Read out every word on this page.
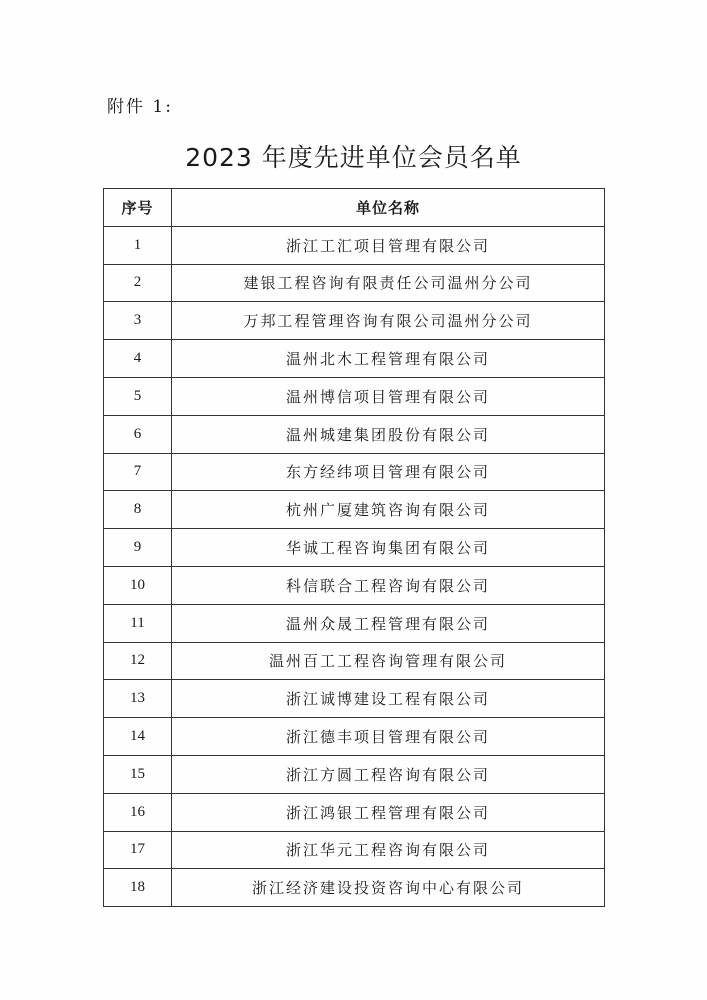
附件 1:
2023 年度先进单位会员名单
序号	单位名称
1	浙江工汇项目管理有限公司
2	建银工程咨询有限责任公司温州分公司
3	万邦工程管理咨询有限公司温州分公司
4	温州北木工程管理有限公司
5	温州博信项目管理有限公司
6	温州城建集团股份有限公司
7	东方经纬项目管理有限公司
8	杭州广厦建筑咨询有限公司
9	华诚工程咨询集团有限公司
10	科信联合工程咨询有限公司
11	温州众晟工程管理有限公司
12	温州百工工程咨询管理有限公司
13	浙江诚博建设工程有限公司
14	浙江德丰项目管理有限公司
15	浙江方圆工程咨询有限公司
16	浙江鸿银工程管理有限公司
17	浙江华元工程咨询有限公司
18	浙江经济建设投资咨询中心有限公司
